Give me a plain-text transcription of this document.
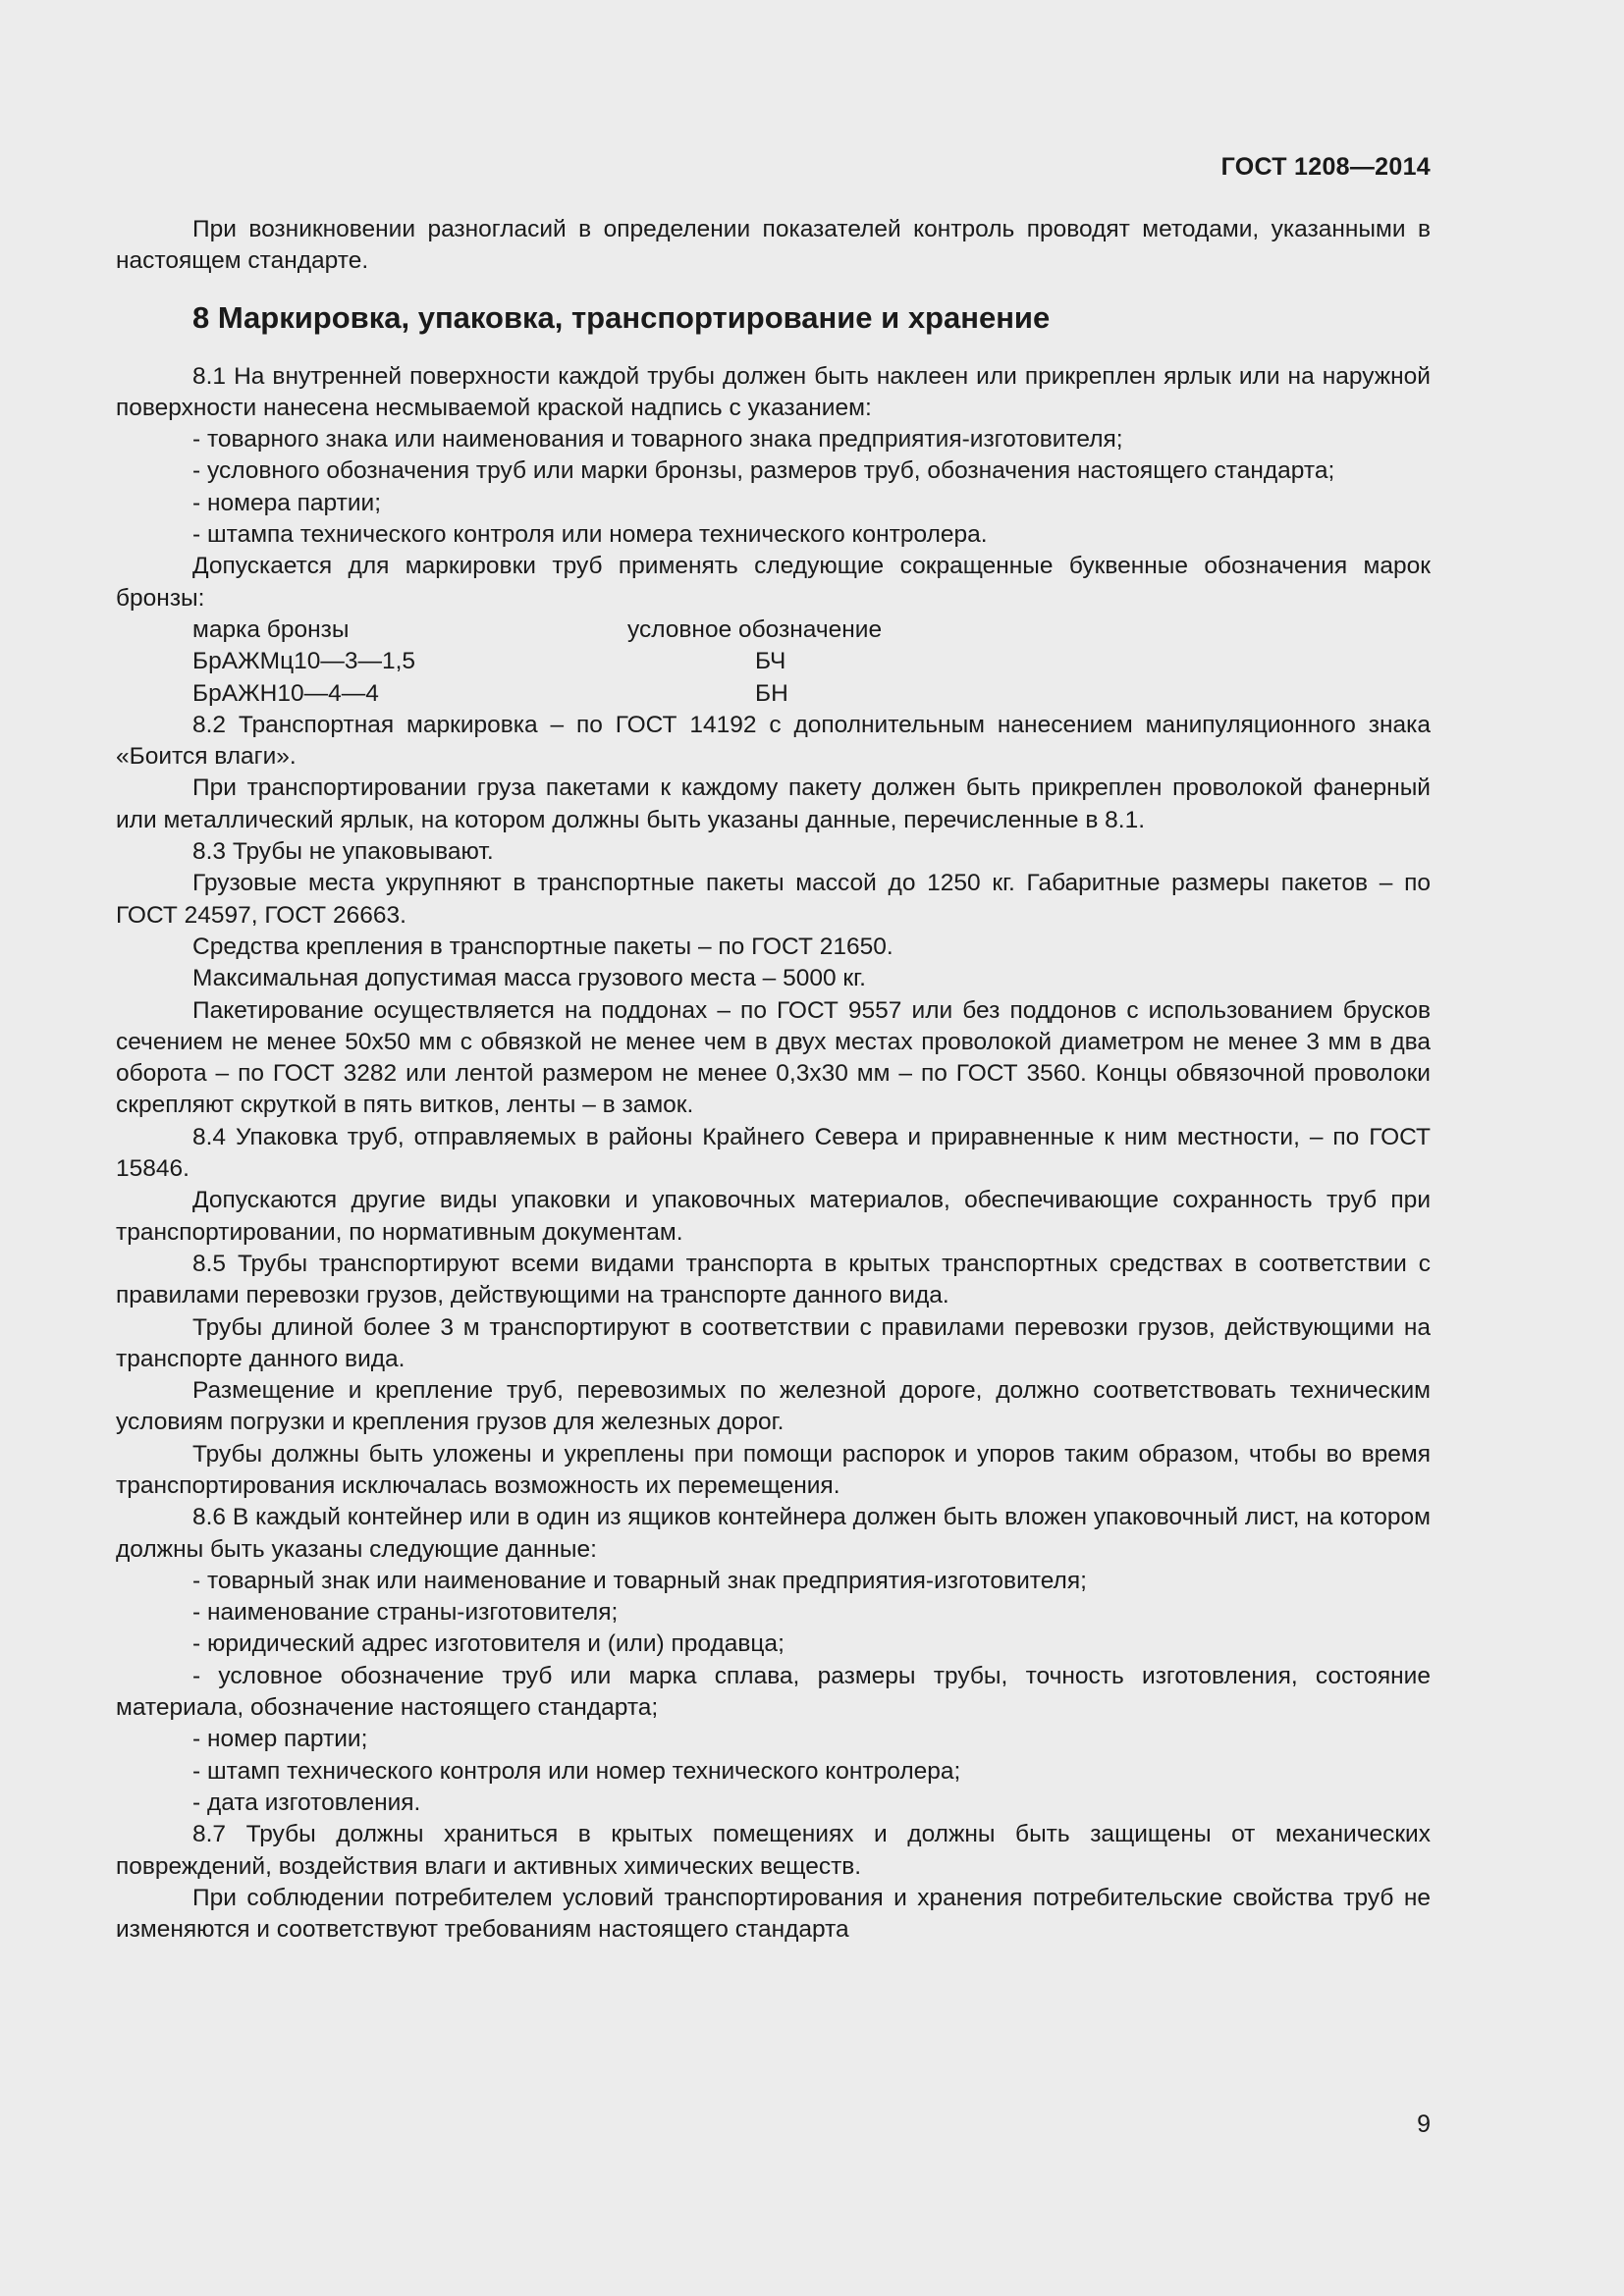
ГОСТ 1208—2014

При возникновении разногласий в определении показателей контроль проводят методами, указанными в настоящем стандарте.

8 Маркировка, упаковка, транспортирование и хранение

8.1 На внутренней поверхности каждой трубы должен быть наклеен или прикреплен ярлык или на наружной поверхности нанесена несмываемой краской надпись с указанием:

- товарного знака или наименования и товарного знака предприятия-изготовителя;

- условного обозначения труб или марки бронзы, размеров труб, обозначения настоящего стандарта;

- номера партии;

- штампа технического контроля или номера технического контролера.

Допускается для маркировки труб применять следующие сокращенные буквенные обозначения марок бронзы:

марка бронзы	условное обозначение
БрАЖМц10—3—1,5	БЧ
БрАЖН10—4—4	БН

8.2 Транспортная маркировка – по ГОСТ 14192 с дополнительным нанесением манипуляционного знака «Боится влаги».

При транспортировании груза пакетами к каждому пакету должен быть прикреплен проволокой фанерный или металлический ярлык, на котором должны быть указаны данные, перечисленные в 8.1.

8.3 Трубы не упаковывают.

Грузовые места укрупняют в транспортные пакеты массой до 1250 кг. Габаритные размеры пакетов – по ГОСТ 24597, ГОСТ 26663.

Средства крепления в транспортные пакеты – по ГОСТ 21650.

Максимальная допустимая масса грузового места – 5000 кг.

Пакетирование осуществляется на поддонах – по ГОСТ 9557 или без поддонов с использованием брусков сечением не менее 50x50 мм с обвязкой не менее чем в двух местах проволокой диаметром не менее 3 мм в два оборота – по ГОСТ 3282 или лентой размером не менее 0,3x30 мм – по ГОСТ 3560. Концы обвязочной проволоки скрепляют скруткой в пять витков, ленты – в замок.

8.4 Упаковка труб, отправляемых в районы Крайнего Севера и приравненные к ним местности, – по ГОСТ 15846.

Допускаются другие виды упаковки и упаковочных материалов, обеспечивающие сохранность труб при транспортировании, по нормативным документам.

8.5 Трубы транспортируют всеми видами транспорта в крытых транспортных средствах в соответствии с правилами перевозки грузов, действующими на транспорте данного вида.

Трубы длиной более 3 м транспортируют в соответствии с правилами перевозки грузов, действующими на транспорте данного вида.

Размещение и крепление труб, перевозимых по железной дороге, должно соответствовать техническим условиям погрузки и крепления грузов для железных дорог.

Трубы должны быть уложены и укреплены при помощи распорок и упоров таким образом, чтобы во время транспортирования исключалась возможность их перемещения.

8.6 В каждый контейнер или в один из ящиков контейнера должен быть вложен упаковочный лист, на котором должны быть указаны следующие данные:

- товарный знак или наименование и товарный знак предприятия-изготовителя;

- наименование страны-изготовителя;

- юридический адрес изготовителя и (или) продавца;

- условное обозначение труб или марка сплава, размеры трубы, точность изготовления, состояние материала, обозначение настоящего стандарта;

- номер партии;

- штамп технического контроля или номер технического контролера;

- дата изготовления.

8.7 Трубы должны храниться в крытых помещениях и должны быть защищены от механических повреждений, воздействия влаги и активных химических веществ.

При соблюдении потребителем условий транспортирования и хранения потребительские свойства труб не изменяются и соответствуют требованиям настоящего стандарта

9
